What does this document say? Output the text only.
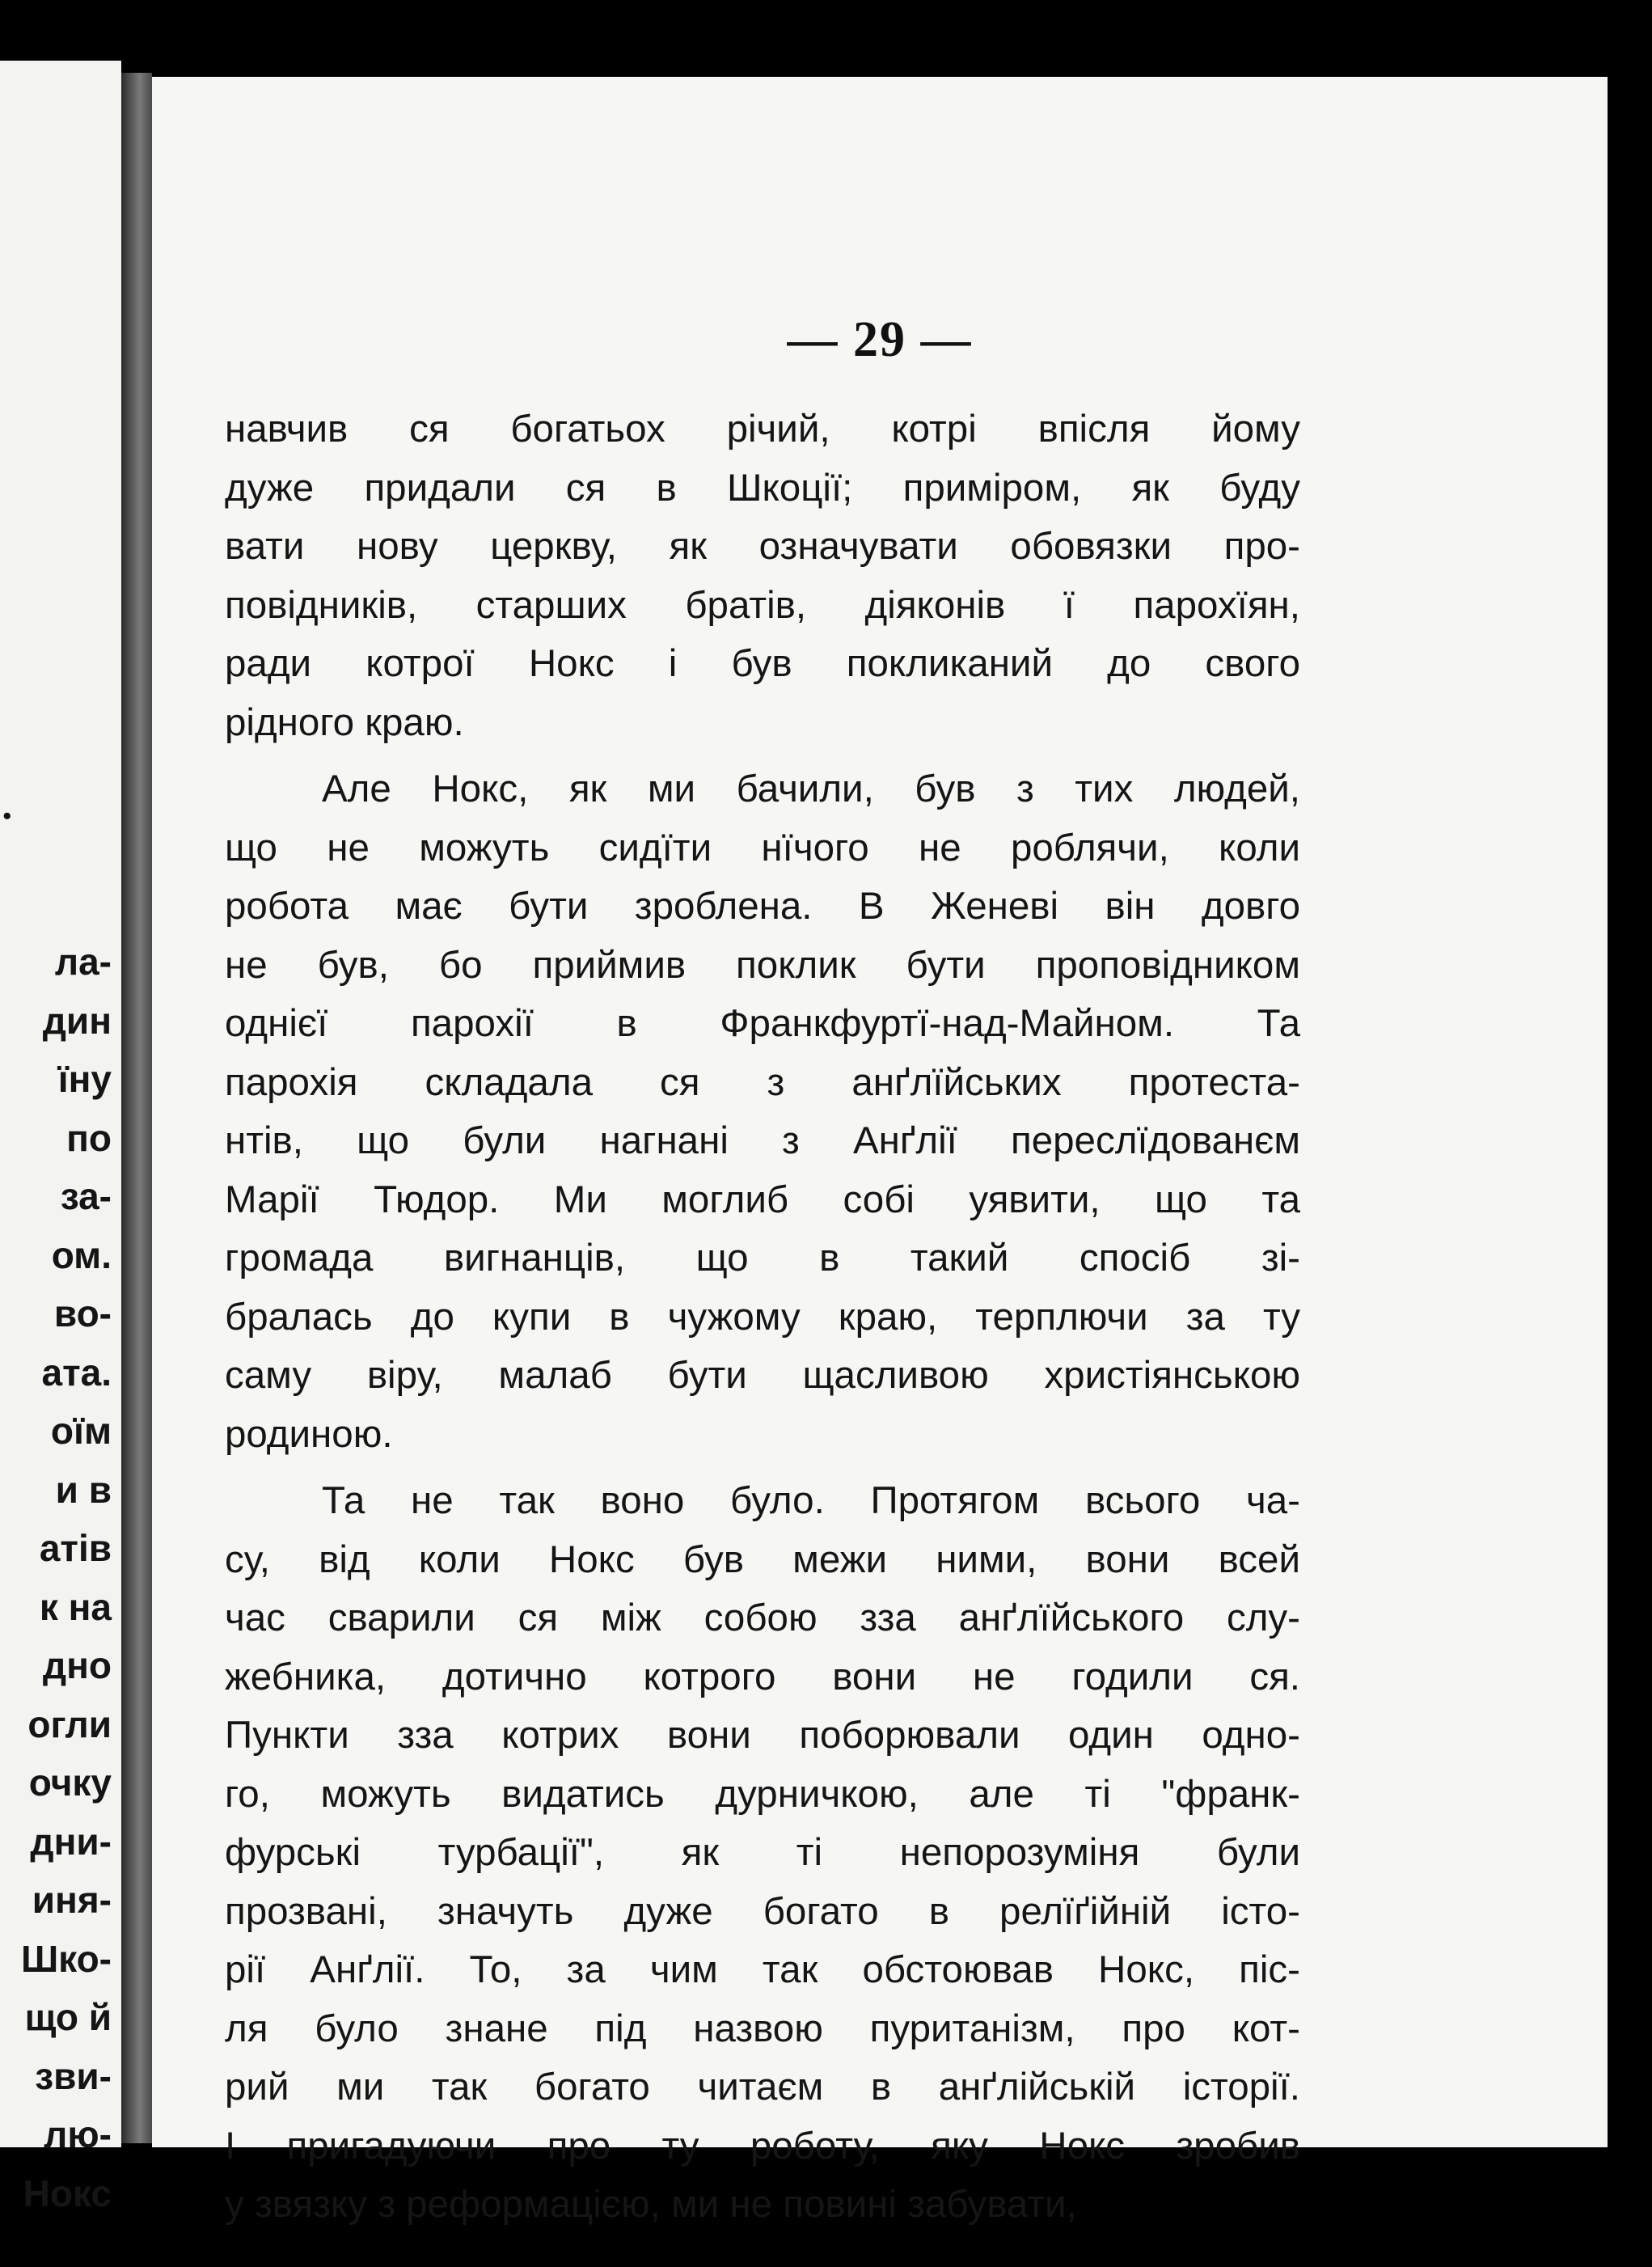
.
ла-
дин
їну
по
за-
ом.
во-
ата.
оїм
и в
атів
к на
дно
огли
очку
дни-
иня-
Шко-
що й
зви-
лю-
Нокс
— 29 —
навчив ся богатьох річий, котрі впісля йому
дуже придали ся в Шкоції; приміром, як буду
вати нову церкву, як означувати обовязки про-
повідників, старших братів, діяконів ї парохїян,
ради котрої Нокс і був покликаний до свого
рідного краю.
Але Нокс, як ми бачили, був з тих людей,
що не можуть сидїти нїчого не роблячи, коли
робота має бути зроблена. В Женеві він довго
не був, бо приймив поклик бути проповідником
однієї парохії в Франкфуртї-над-Майном. Та
парохія складала ся з анґлїйських протеста-
нтів, що були нагнані з Анґлії переслїдованєм
Марії Тюдор. Ми моглиб собі уявити, що та
громада вигнанців, що в такий спосіб зі-
бралась до купи в чужому краю, терплючи за ту
саму віру, малаб бути щасливою христіянською
родиною.
Та не так воно було. Протягом всього ча-
су, від коли Нокс був межи ними, вони всей
час сварили ся між собою зза анґлїйського слу-
жебника, дотично котрого вони не годили ся.
Пункти зза котрих вони поборювали один одно-
го, можуть видатись дурничкою, але ті "франк-
фурські турбації", як ті непорозуміня були
прозвані, значуть дуже богато в релїґійній істо-
рії Анґлії. То, за чим так обстоював Нокс, піс-
ля було знане під назвою пуританізм, про кот-
рий ми так богато читаєм в анґлійській історії.
І пригадуючи про ту роботу, яку Нокс зробив
у звязку з реформацією, ми не повині забувати,
